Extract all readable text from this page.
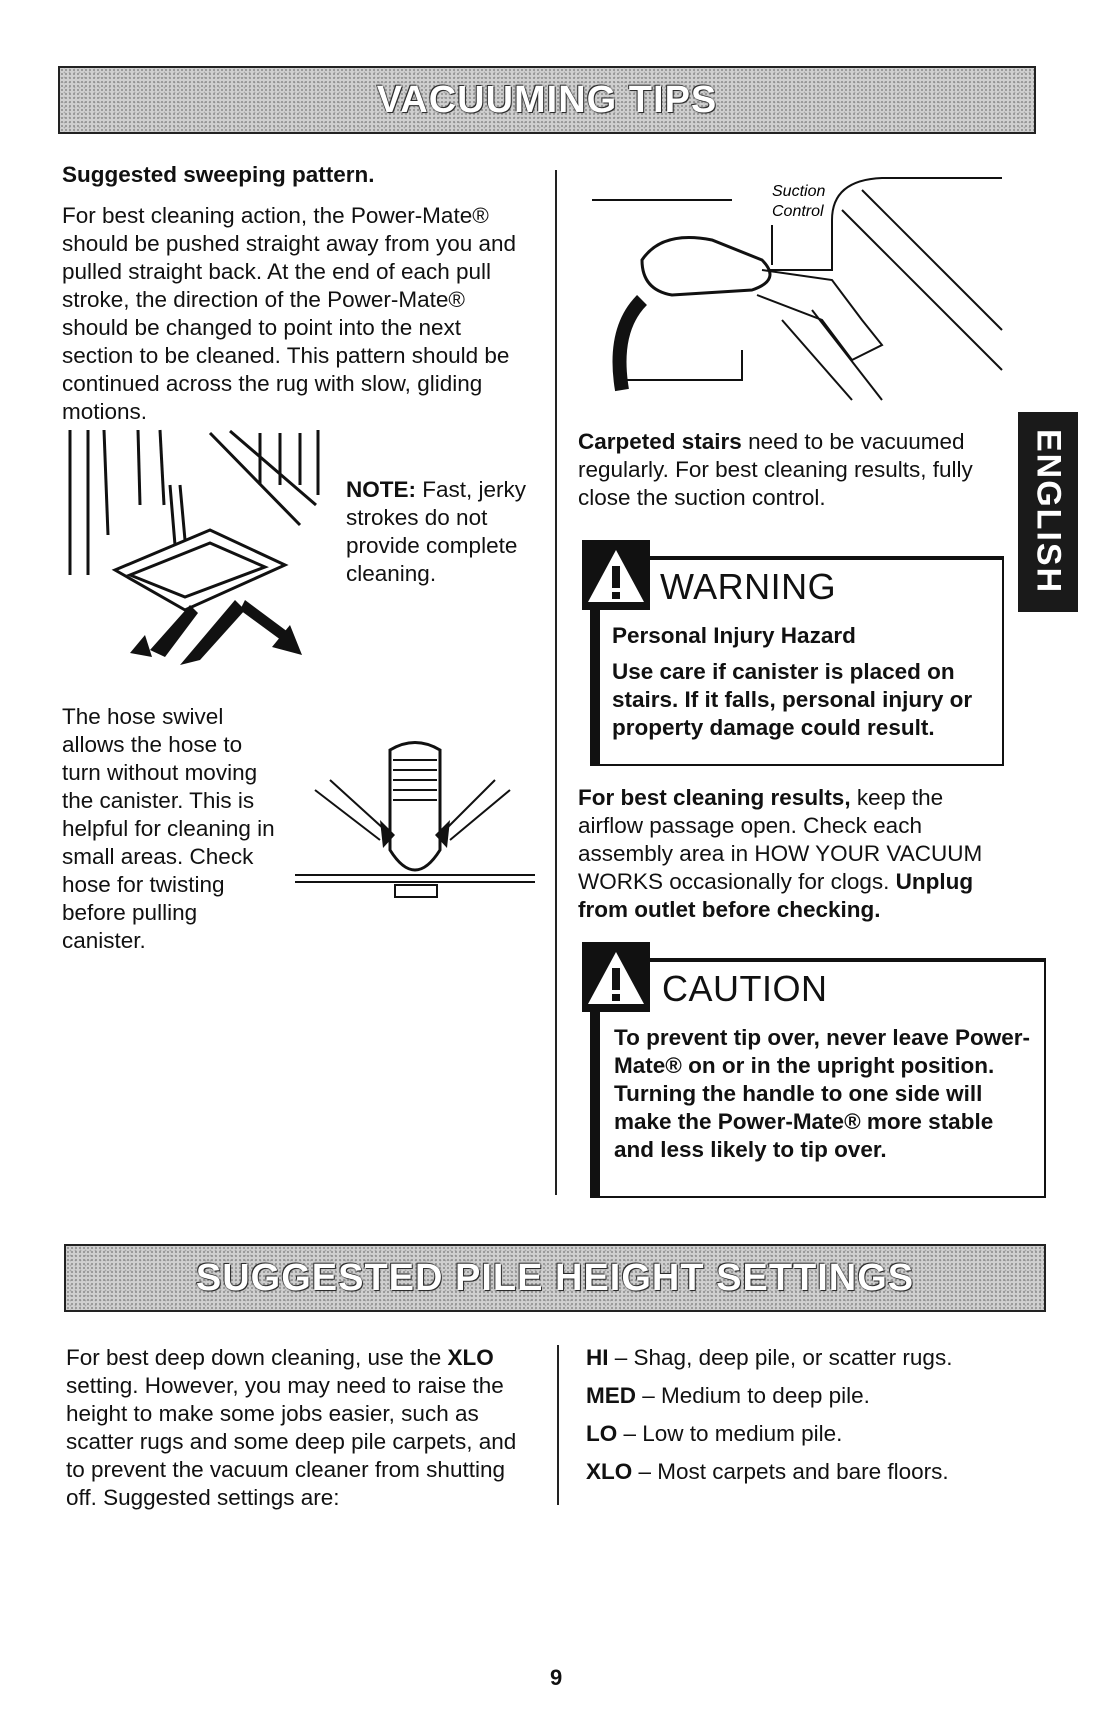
VACUUMING TIPS
Suggested sweeping pattern.
For best cleaning action, the Power-Mate® should be pushed straight away from you and pulled straight back. At the end of each pull stroke, the direction of the Power-Mate® should be changed to point into the next section to be cleaned. This pattern should be continued across the rug with slow, gliding motions.
NOTE: Fast, jerky strokes do not provide complete cleaning.
The hose swivel allows the hose to turn without moving the canister. This is helpful for cleaning in small areas. Check hose for twisting before pulling canister.
Suction
Control
Carpeted stairs need to be vacuumed regularly. For best cleaning results, fully close the suction control.
WARNING
Personal Injury Hazard
Use care if canister is placed on stairs. If it falls, personal injury or property damage could result.
For best cleaning results, keep the airflow passage open. Check each assembly area in HOW YOUR VACUUM WORKS occasionally for clogs. Unplug from outlet before checking.
CAUTION
To prevent tip over, never leave Power-Mate® on or in the upright position. Turning the handle to one side will make the Power-Mate® more stable and less likely to tip over.
ENGLISH
SUGGESTED PILE HEIGHT SETTINGS
For best deep down cleaning, use the XLO setting. However, you may need to raise the height to make some jobs easier, such as scatter rugs and some deep pile carpets, and to prevent the vacuum cleaner from shutting off. Suggested settings are:
HI – Shag, deep pile, or scatter rugs.
MED – Medium to deep pile.
LO – Low to medium pile.
XLO – Most carpets and bare floors.
9
